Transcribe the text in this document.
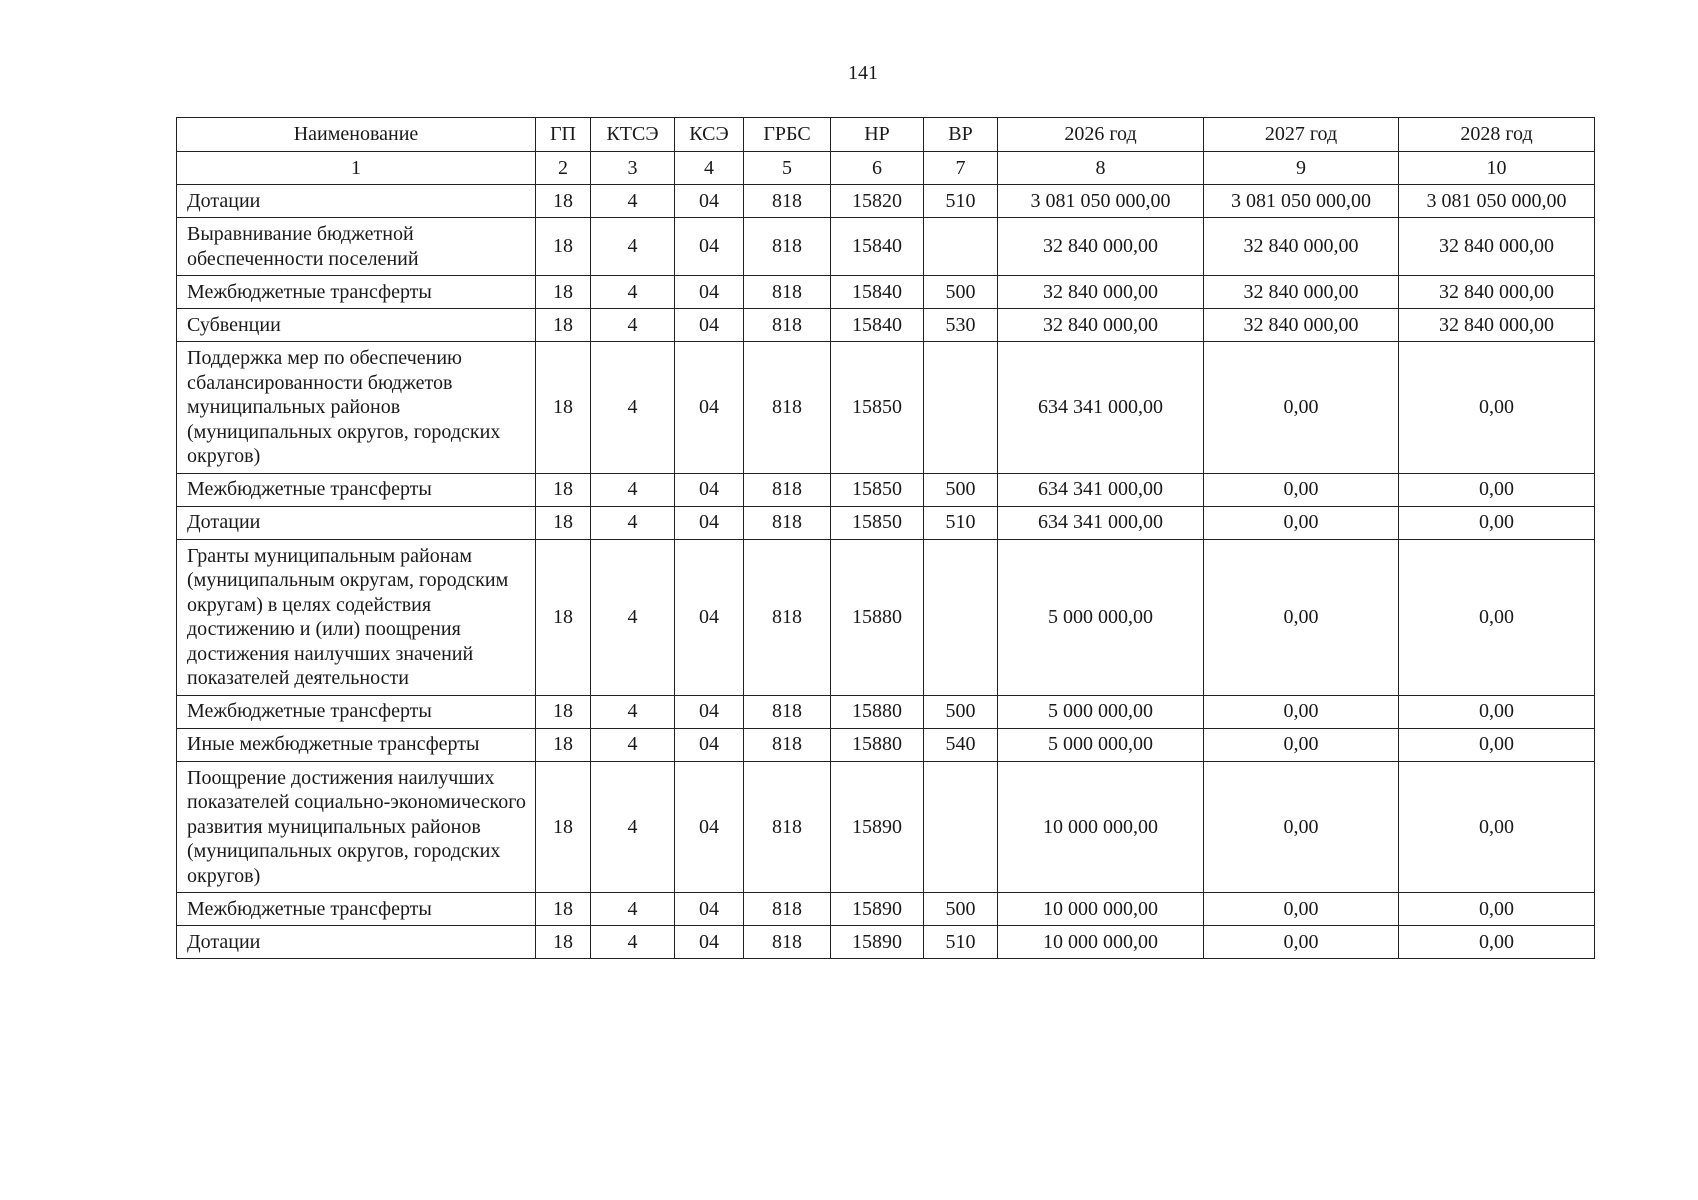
141
Наименование	ГП	КТСЭ	КСЭ	ГРБС	НР	ВР	2026 год	2027 год	2028 год
1	2	3	4	5	6	7	8	9	10
Дотации	18	4	04	818	15820	510	3 081 050 000,00	3 081 050 000,00	3 081 050 000,00
Выравнивание бюджетной обеспеченности поселений	18	4	04	818	15840		32 840 000,00	32 840 000,00	32 840 000,00
Межбюджетные трансферты	18	4	04	818	15840	500	32 840 000,00	32 840 000,00	32 840 000,00
Субвенции	18	4	04	818	15840	530	32 840 000,00	32 840 000,00	32 840 000,00
Поддержка мер по обеспечению сбалансированности бюджетов муниципальных районов (муниципальных округов, городских округов)	18	4	04	818	15850		634 341 000,00	0,00	0,00
Межбюджетные трансферты	18	4	04	818	15850	500	634 341 000,00	0,00	0,00
Дотации	18	4	04	818	15850	510	634 341 000,00	0,00	0,00
Гранты муниципальным районам (муниципальным округам, городским округам) в целях содействия достижению и (или) поощрения достижения наилучших значений показателей деятельности	18	4	04	818	15880		5 000 000,00	0,00	0,00
Межбюджетные трансферты	18	4	04	818	15880	500	5 000 000,00	0,00	0,00
Иные межбюджетные трансферты	18	4	04	818	15880	540	5 000 000,00	0,00	0,00
Поощрение достижения наилучших показателей социально-экономического развития муниципальных районов (муниципальных округов, городских округов)	18	4	04	818	15890		10 000 000,00	0,00	0,00
Межбюджетные трансферты	18	4	04	818	15890	500	10 000 000,00	0,00	0,00
Дотации	18	4	04	818	15890	510	10 000 000,00	0,00	0,00
